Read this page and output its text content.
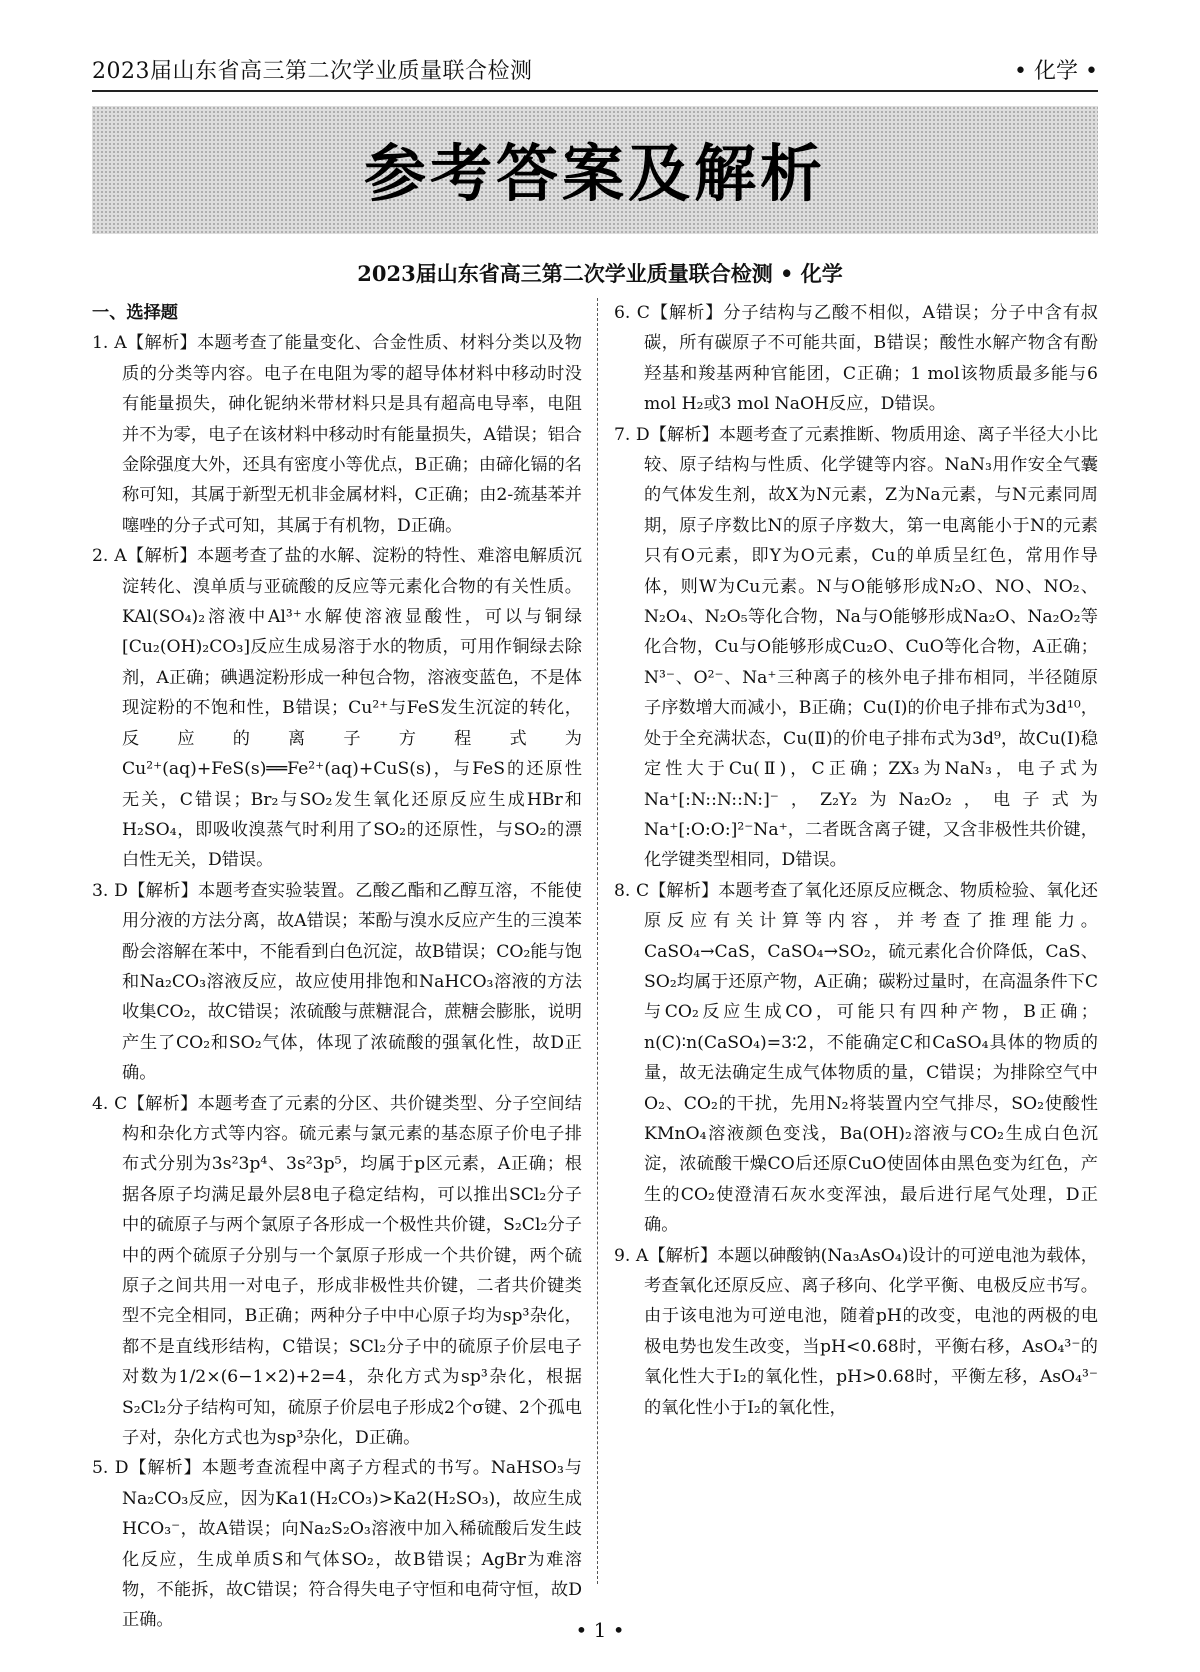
2023届山东省高三第二次学业质量联合检测	• 化学 •
参考答案及解析
2023届山东省高三第二次学业质量联合检测 • 化学

一、选择题

1. A【解析】本题考查了能量变化、合金性质、材料分类以及物质的分类等内容。电子在电阻为零的超导体材料中移动时没有能量损失，砷化铌纳米带材料只是具有超高电导率，电阻并不为零，电子在该材料中移动时有能量损失，A错误；铝合金除强度大外，还具有密度小等优点，B正确；由碲化镉的名称可知，其属于新型无机非金属材料，C正确；由2-巯基苯并噻唑的分子式可知，其属于有机物，D正确。

2. A【解析】本题考查了盐的水解、淀粉的特性、难溶电解质沉淀转化、溴单质与亚硫酸的反应等元素化合物的有关性质。KAl(SO₄)₂溶液中Al³⁺水解使溶液显酸性，可以与铜绿[Cu₂(OH)₂CO₃]反应生成易溶于水的物质，可用作铜绿去除剂，A正确；碘遇淀粉形成一种包合物，溶液变蓝色，不是体现淀粉的不饱和性，B错误；Cu²⁺与FeS发生沉淀的转化，反应的离子方程式为Cu²⁺(aq)+FeS(s)══Fe²⁺(aq)+CuS(s)，与FeS的还原性无关，C错误；Br₂与SO₂发生氧化还原反应生成HBr和H₂SO₄，即吸收溴蒸气时利用了SO₂的还原性，与SO₂的漂白性无关，D错误。

3. D【解析】本题考查实验装置。乙酸乙酯和乙醇互溶，不能使用分液的方法分离，故A错误；苯酚与溴水反应产生的三溴苯酚会溶解在苯中，不能看到白色沉淀，故B错误；CO₂能与饱和Na₂CO₃溶液反应，故应使用排饱和NaHCO₃溶液的方法收集CO₂，故C错误；浓硫酸与蔗糖混合，蔗糖会膨胀，说明产生了CO₂和SO₂气体，体现了浓硫酸的强氧化性，故D正确。

4. C【解析】本题考查了元素的分区、共价键类型、分子空间结构和杂化方式等内容。硫元素与氯元素的基态原子价电子排布式分别为3s²3p⁴、3s²3p⁵，均属于p区元素，A正确；根据各原子均满足最外层8电子稳定结构，可以推出SCl₂分子中的硫原子与两个氯原子各形成一个极性共价键，S₂Cl₂分子中的两个硫原子分别与一个氯原子形成一个共价键，两个硫原子之间共用一对电子，形成非极性共价键，二者共价键类型不完全相同，B正确；两种分子中中心原子均为sp³杂化，都不是直线形结构，C错误；SCl₂分子中的硫原子价层电子对数为1/2×(6−1×2)+2=4，杂化方式为sp³杂化，根据S₂Cl₂分子结构可知，硫原子价层电子形成2个σ键、2个孤电子对，杂化方式也为sp³杂化，D正确。

5. D【解析】本题考查流程中离子方程式的书写。NaHSO₃与Na₂CO₃反应，因为Ka1(H₂CO₃)>Ka2(H₂SO₃)，故应生成HCO₃⁻，故A错误；向Na₂S₂O₃溶液中加入稀硫酸后发生歧化反应，生成单质S和气体SO₂，故B错误；AgBr为难溶物，不能拆，故C错误；符合得失电子守恒和电荷守恒，故D正确。

6. C【解析】分子结构与乙酸不相似，A错误；分子中含有叔碳，所有碳原子不可能共面，B错误；酸性水解产物含有酚羟基和羧基两种官能团，C正确；1 mol该物质最多能与6 mol H₂或3 mol NaOH反应，D错误。

7. D【解析】本题考查了元素推断、物质用途、离子半径大小比较、原子结构与性质、化学键等内容。NaN₃用作安全气囊的气体发生剂，故X为N元素，Z为Na元素，与N元素同周期，原子序数比N的原子序数大，第一电离能小于N的元素只有O元素，即Y为O元素，Cu的单质呈红色，常用作导体，则W为Cu元素。N与O能够形成N₂O、NO、NO₂、N₂O₄、N₂O₅等化合物，Na与O能够形成Na₂O、Na₂O₂等化合物，Cu与O能够形成Cu₂O、CuO等化合物，A正确；N³⁻、O²⁻、Na⁺三种离子的核外电子排布相同，半径随原子序数增大而减小，B正确；Cu(Ⅰ)的价电子排布式为3d¹⁰，处于全充满状态，Cu(Ⅱ)的价电子排布式为3d⁹，故Cu(Ⅰ)稳定性大于Cu(Ⅱ)，C正确；ZX₃为NaN₃，电子式为Na⁺[:N::N::N:]⁻，Z₂Y₂为Na₂O₂，电子式为Na⁺[:O:O:]²⁻Na⁺，二者既含离子键，又含非极性共价键，化学键类型相同，D错误。

8. C【解析】本题考查了氧化还原反应概念、物质检验、氧化还原反应有关计算等内容，并考查了推理能力。CaSO₄→CaS，CaSO₄→SO₂，硫元素化合价降低，CaS、SO₂均属于还原产物，A正确；碳粉过量时，在高温条件下C与CO₂反应生成CO，可能只有四种产物，B正确；n(C)∶n(CaSO₄)=3∶2，不能确定C和CaSO₄具体的物质的量，故无法确定生成气体物质的量，C错误；为排除空气中O₂、CO₂的干扰，先用N₂将装置内空气排尽，SO₂使酸性KMnO₄溶液颜色变浅，Ba(OH)₂溶液与CO₂生成白色沉淀，浓硫酸干燥CO后还原CuO使固体由黑色变为红色，产生的CO₂使澄清石灰水变浑浊，最后进行尾气处理，D正确。

9. A【解析】本题以砷酸钠(Na₃AsO₄)设计的可逆电池为载体，考查氧化还原反应、离子移向、化学平衡、电极反应书写。由于该电池为可逆电池，随着pH的改变，电池的两极的电极电势也发生改变，当pH<0.68时，平衡右移，AsO₄³⁻的氧化性大于I₂的氧化性，pH>0.68时，平衡左移，AsO₄³⁻的氧化性小于I₂的氧化性，

• 1 •
